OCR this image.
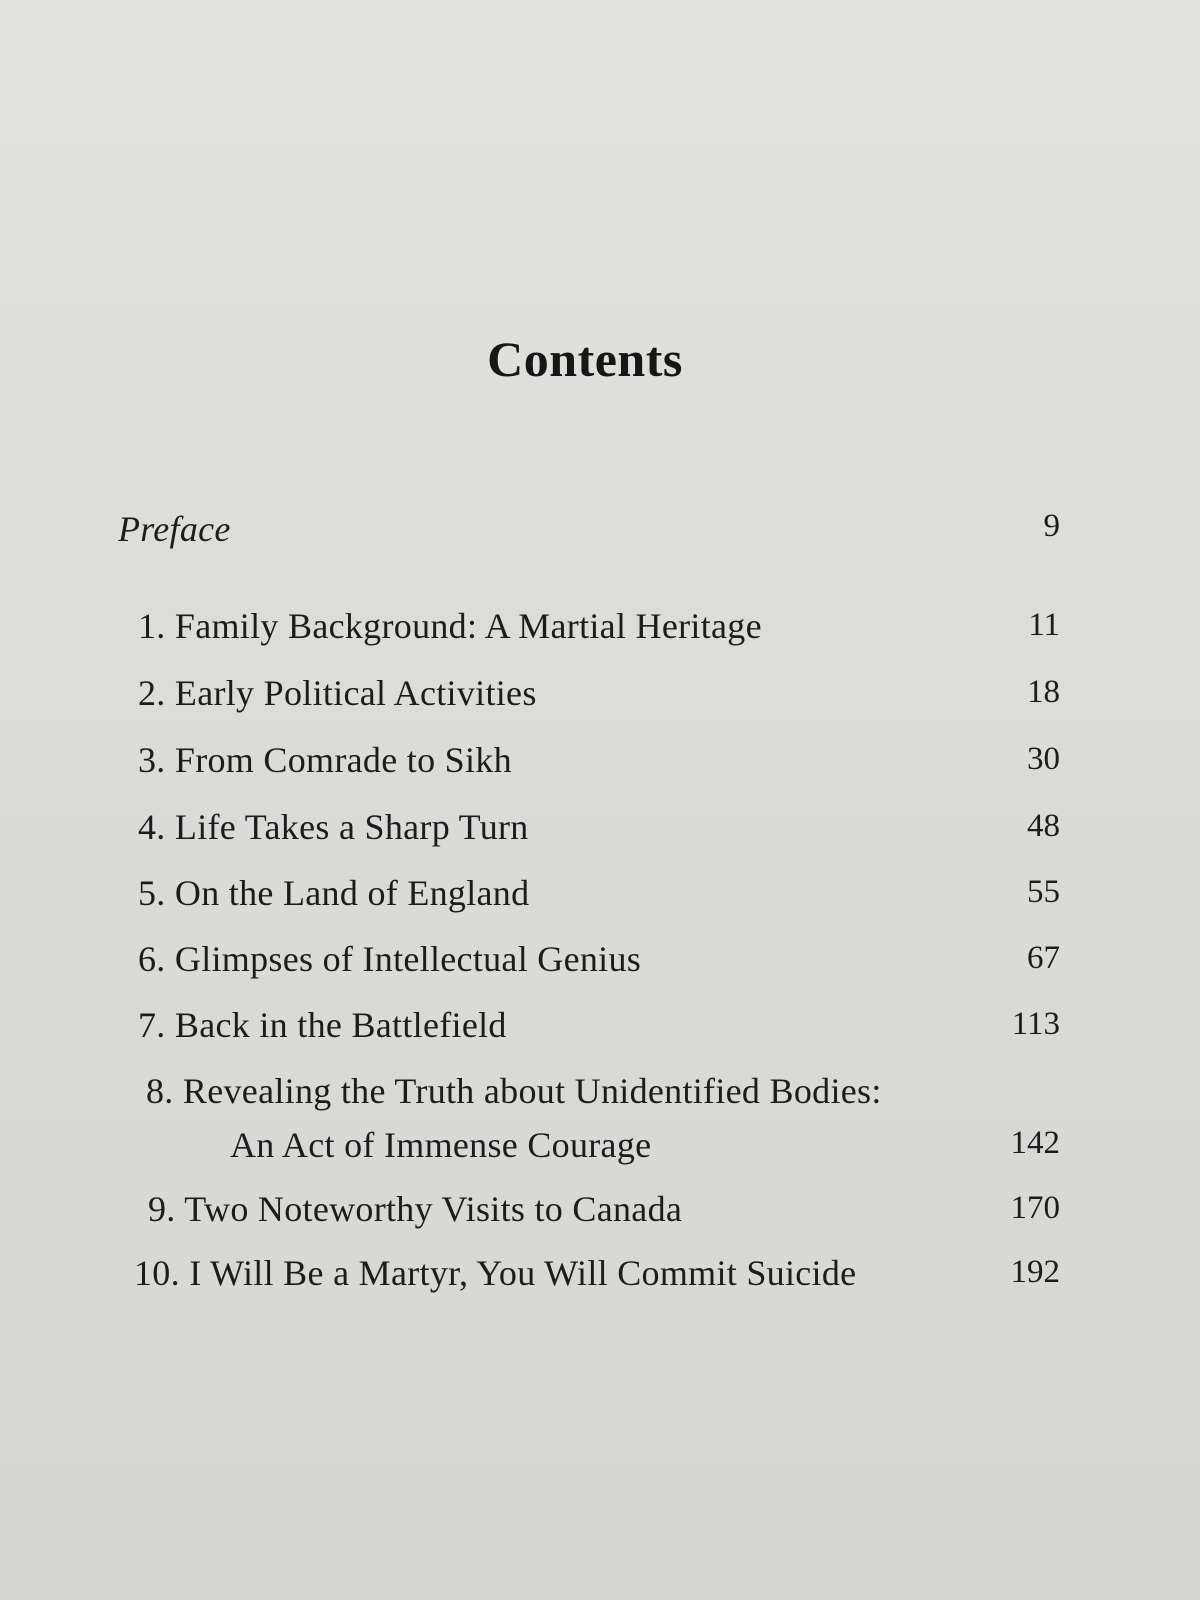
Contents
Preface	9
1. Family Background: A Martial Heritage	11
2. Early Political Activities	18
3. From Comrade to Sikh	30
4. Life Takes a Sharp Turn	48
5. On the Land of England	55
6. Glimpses of Intellectual Genius	67
7. Back in the Battlefield	113
8. Revealing the Truth about Unidentified Bodies:
An Act of Immense Courage	142
9. Two Noteworthy Visits to Canada	170
10. I Will Be a Martyr, You Will Commit Suicide	192
